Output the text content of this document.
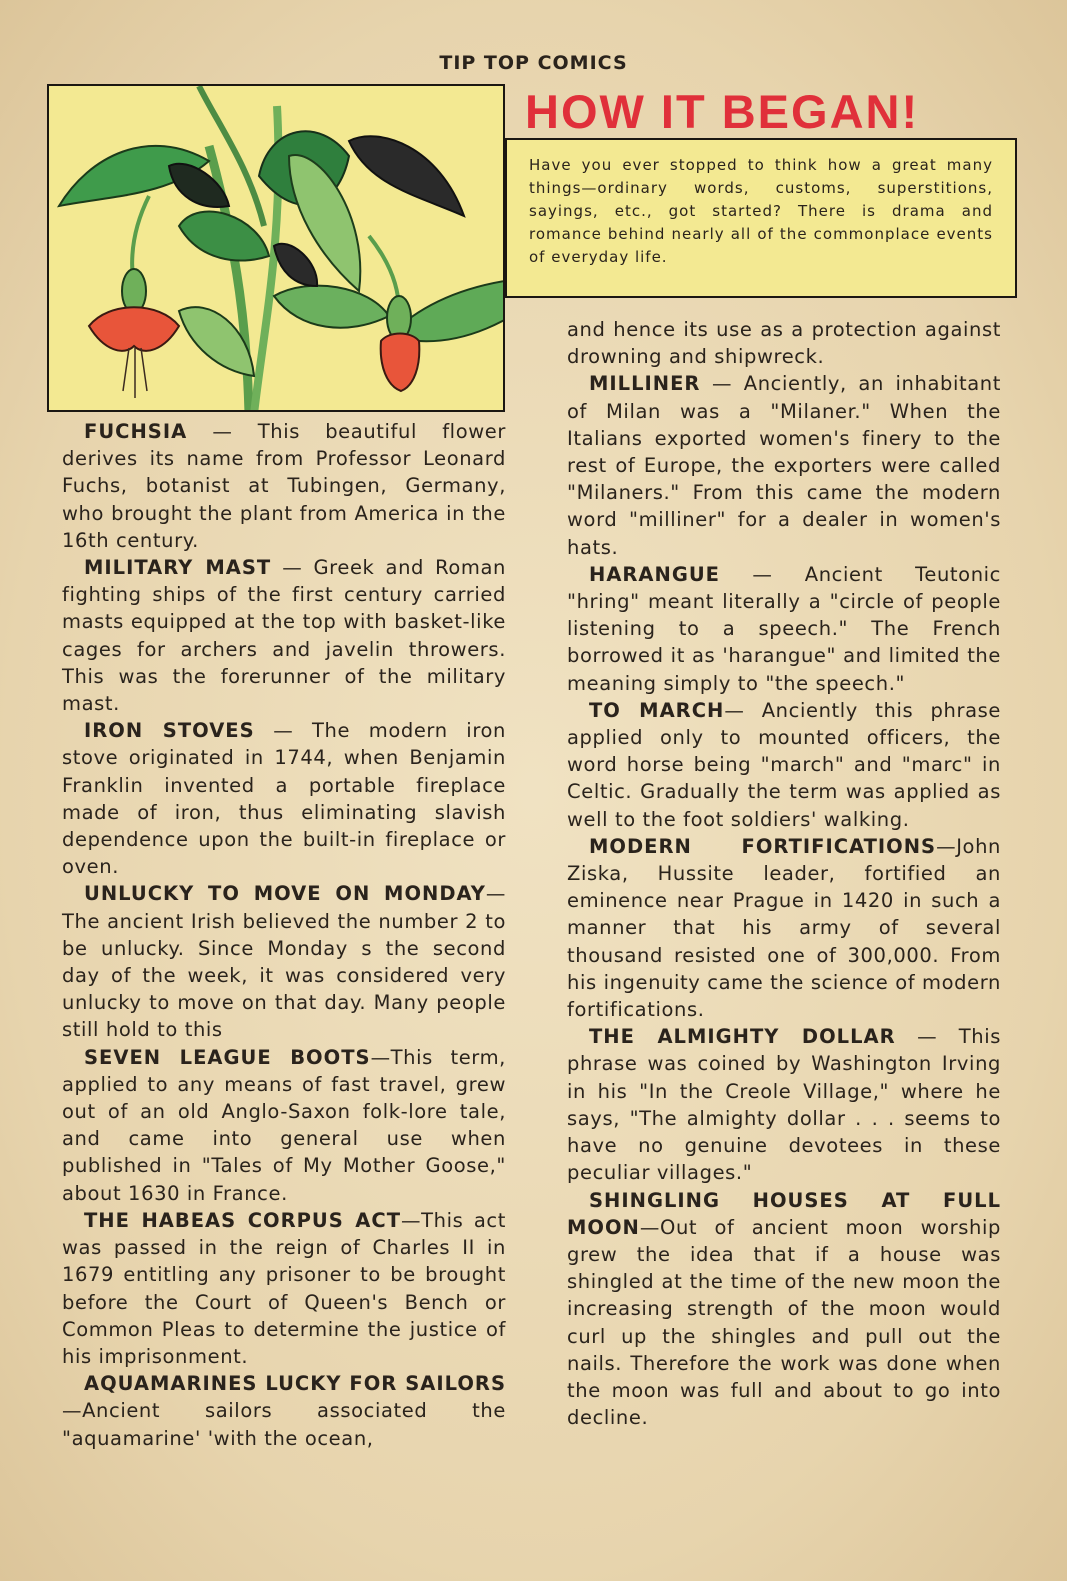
TIP TOP COMICS
HOW IT BEGAN!
Have you ever stopped to think how a great many things—ordinary words, customs, superstitions, sayings, etc., got started? There is drama and romance behind nearly all of the commonplace events of everyday life.

FUCHSIA — This beautiful flower derives its name from Professor Leonard Fuchs, botanist at Tubingen, Germany, who brought the plant from America in the 16th century.

MILITARY MAST — Greek and Roman fighting ships of the first century carried masts equipped at the top with basket-like cages for archers and javelin throwers. This was the forerunner of the military mast.

IRON STOVES — The modern iron stove originated in 1744, when Benjamin Franklin invented a portable fireplace made of iron, thus eliminating slavish dependence upon the built-in fireplace or oven.

UNLUCKY TO MOVE ON MONDAY—The ancient Irish believed the number 2 to be unlucky. Since Monday s the second day of the week, it was considered very unlucky to move on that day. Many people still hold to this

SEVEN LEAGUE BOOTS—This term, applied to any means of fast travel, grew out of an old Anglo-Saxon folk-lore tale, and came into general use when published in "Tales of My Mother Goose," about 1630 in France.

THE HABEAS CORPUS ACT—This act was passed in the reign of Charles II in 1679 entitling any prisoner to be brought before the Court of Queen's Bench or Common Pleas to determine the justice of his imprisonment.

AQUAMARINES LUCKY FOR SAILORS—Ancient sailors associated the "aquamarine' 'with the ocean,

and hence its use as a protection against drowning and shipwreck.

MILLINER — Anciently, an inhabitant of Milan was a "Milaner." When the Italians exported women's finery to the rest of Europe, the exporters were called "Milaners." From this came the modern word "milliner" for a dealer in women's hats.

HARANGUE — Ancient Teutonic "hring" meant literally a "circle of people listening to a speech." The French borrowed it as 'harangue" and limited the meaning simply to "the speech."

TO MARCH— Anciently this phrase applied only to mounted officers, the word horse being "march" and "marc" in Celtic. Gradually the term was applied as well to the foot soldiers' walking.

MODERN FORTIFICATIONS—John Ziska, Hussite leader, fortified an eminence near Prague in 1420 in such a manner that his army of several thousand resisted one of 300,000. From his ingenuity came the science of modern fortifications.

THE ALMIGHTY DOLLAR — This phrase was coined by Washington Irving in his "In the Creole Village," where he says, "The almighty dollar . . . seems to have no genuine devotees in these peculiar villages."

SHINGLING HOUSES AT FULL MOON—Out of ancient moon worship grew the idea that if a house was shingled at the time of the new moon the increasing strength of the moon would curl up the shingles and pull out the nails. Therefore the work was done when the moon was full and about to go into decline.
